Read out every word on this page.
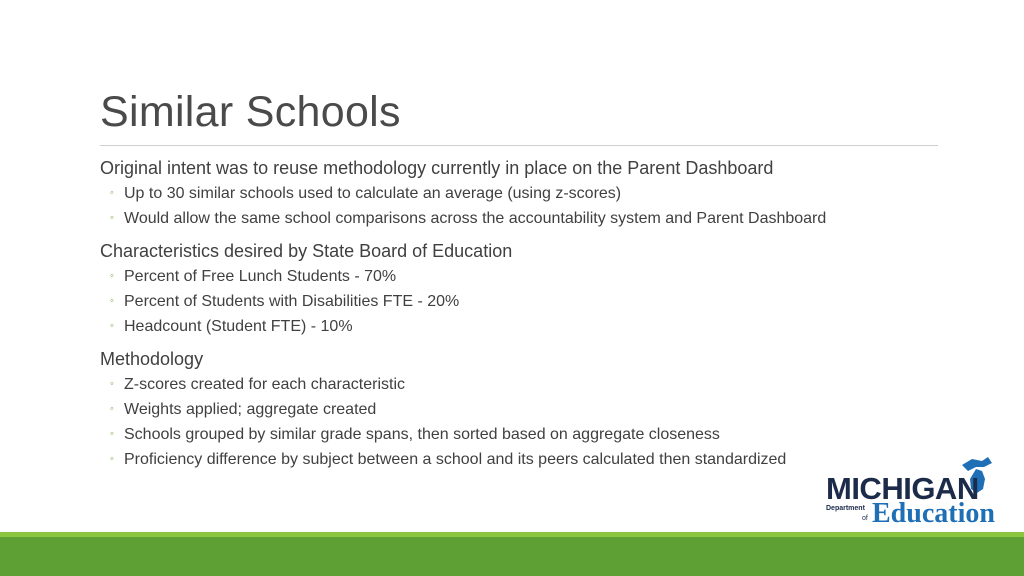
Similar Schools

Original intent was to reuse methodology currently in place on the Parent Dashboard

◦ Up to 30 similar schools used to calculate an average (using z-scores)
◦ Would allow the same school comparisons across the accountability system and Parent Dashboard

Characteristics desired by State Board of Education

◦ Percent of Free Lunch Students - 70%
◦ Percent of Students with Disabilities FTE - 20%
◦ Headcount (Student FTE) - 10%

Methodology

◦ Z-scores created for each characteristic
◦ Weights applied; aggregate created
◦ Schools grouped by similar grade spans, then sorted based on aggregate closeness
◦ Proficiency difference by subject between a school and its peers calculated then standardized
MICHIGAN
Department
of Education
